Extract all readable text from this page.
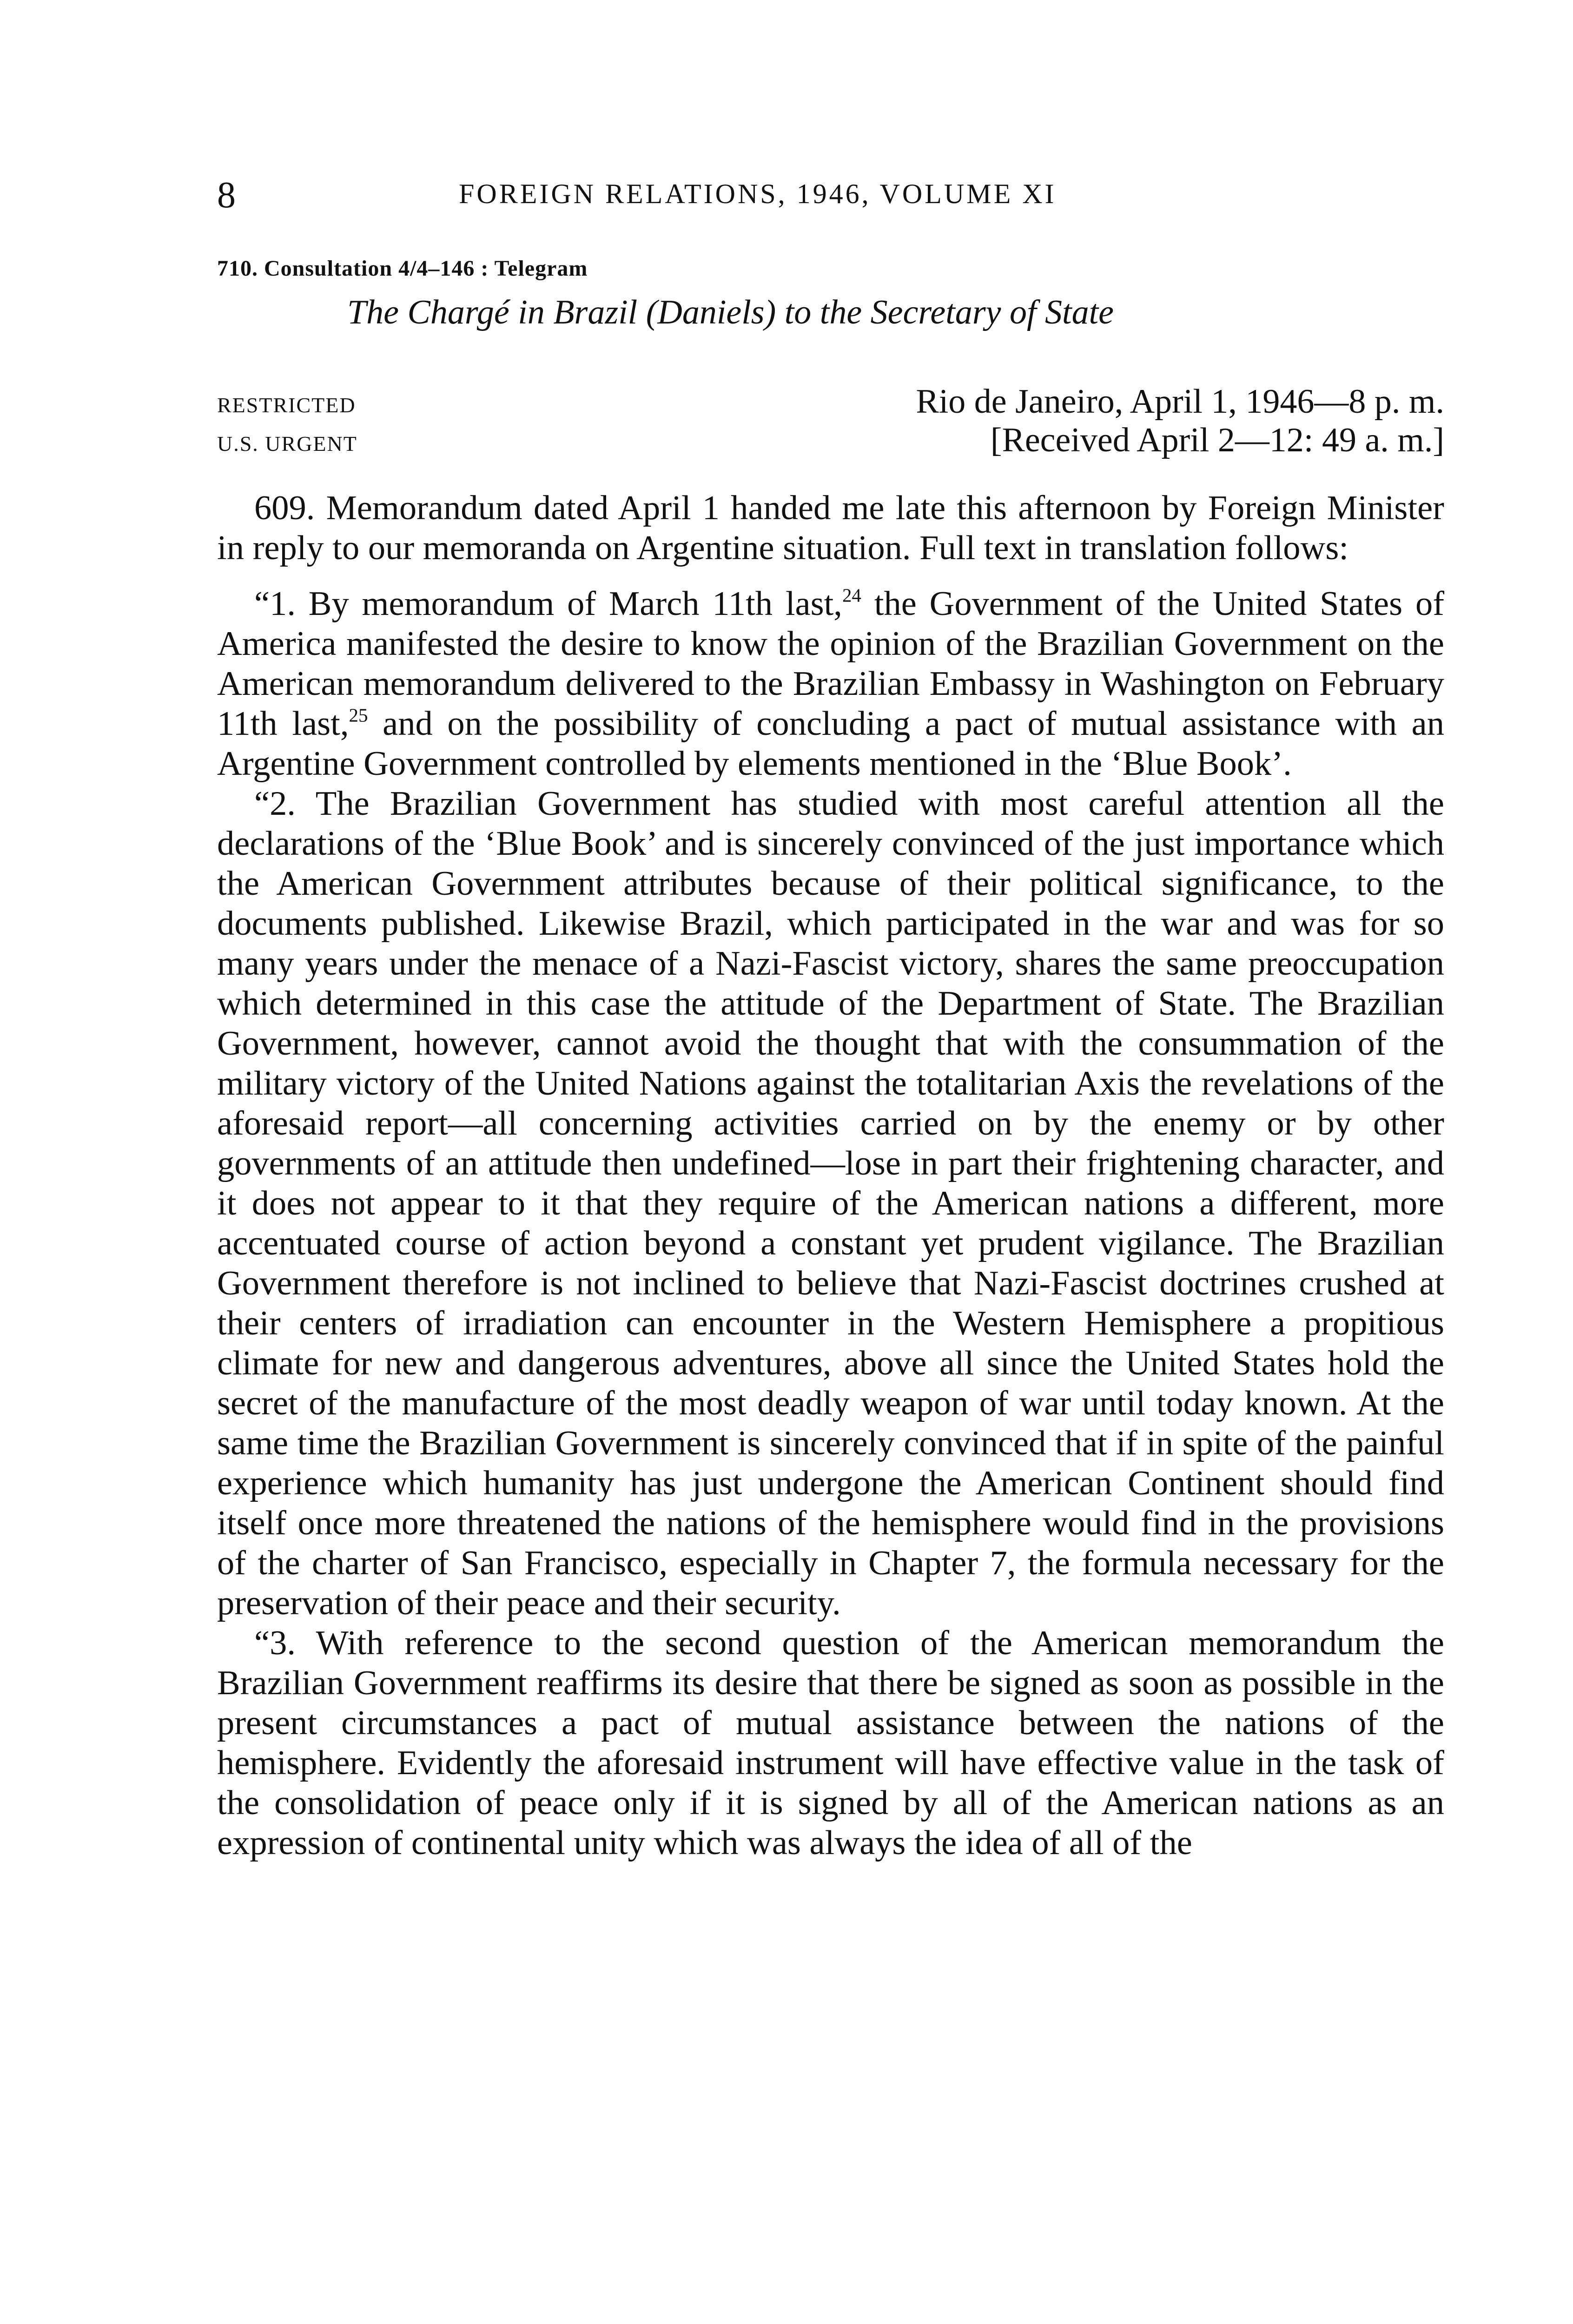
8	FOREIGN RELATIONS, 1946, VOLUME XI
710. Consultation 4/4–146 : Telegram
The Chargé in Brazil (Daniels) to the Secretary of State
RESTRICTED	Rio de Janeiro, April 1, 1946—8 p. m.
U.S. URGENT	[Received April 2—12: 49 a. m.]

609. Memorandum dated April 1 handed me late this afternoon by Foreign Minister in reply to our memoranda on Argentine situation. Full text in translation follows:

“1. By memorandum of March 11th last,$^{24}$ the Government of the United States of America manifested the desire to know the opinion of the Brazilian Government on the American memorandum delivered to the Brazilian Embassy in Washington on February 11th last,$^{25}$ and on the possibility of concluding a pact of mutual assistance with an Argentine Government controlled by elements mentioned in the ‘Blue Book’.

“2. The Brazilian Government has studied with most careful attention all the declarations of the ‘Blue Book’ and is sincerely convinced of the just importance which the American Government attributes because of their political significance, to the documents published. Likewise Brazil, which participated in the war and was for so many years under the menace of a Nazi-Fascist victory, shares the same preoccupation which determined in this case the attitude of the Department of State. The Brazilian Government, however, cannot avoid the thought that with the consummation of the military victory of the United Nations against the totalitarian Axis the revelations of the aforesaid report—all concerning activities carried on by the enemy or by other governments of an attitude then undefined—lose in part their frightening character, and it does not appear to it that they require of the American nations a different, more accentuated course of action beyond a constant yet prudent vigilance. The Brazilian Government therefore is not inclined to believe that Nazi-Fascist doctrines crushed at their centers of irradiation can encounter in the Western Hemisphere a propitious climate for new and dangerous adventures, above all since the United States hold the secret of the manufacture of the most deadly weapon of war until today known. At the same time the Brazilian Government is sincerely convinced that if in spite of the painful experience which humanity has just undergone the American Continent should find itself once more threatened the nations of the hemisphere would find in the provisions of the charter of San Francisco, especially in Chapter 7, the formula necessary for the preservation of their peace and their security.

“3. With reference to the second question of the American memorandum the Brazilian Government reaffirms its desire that there be signed as soon as possible in the present circumstances a pact of mutual assistance between the nations of the hemisphere. Evidently the aforesaid instrument will have effective value in the task of the consolidation of peace only if it is signed by all of the American nations as an expression of continental unity which was always the idea of all of the
